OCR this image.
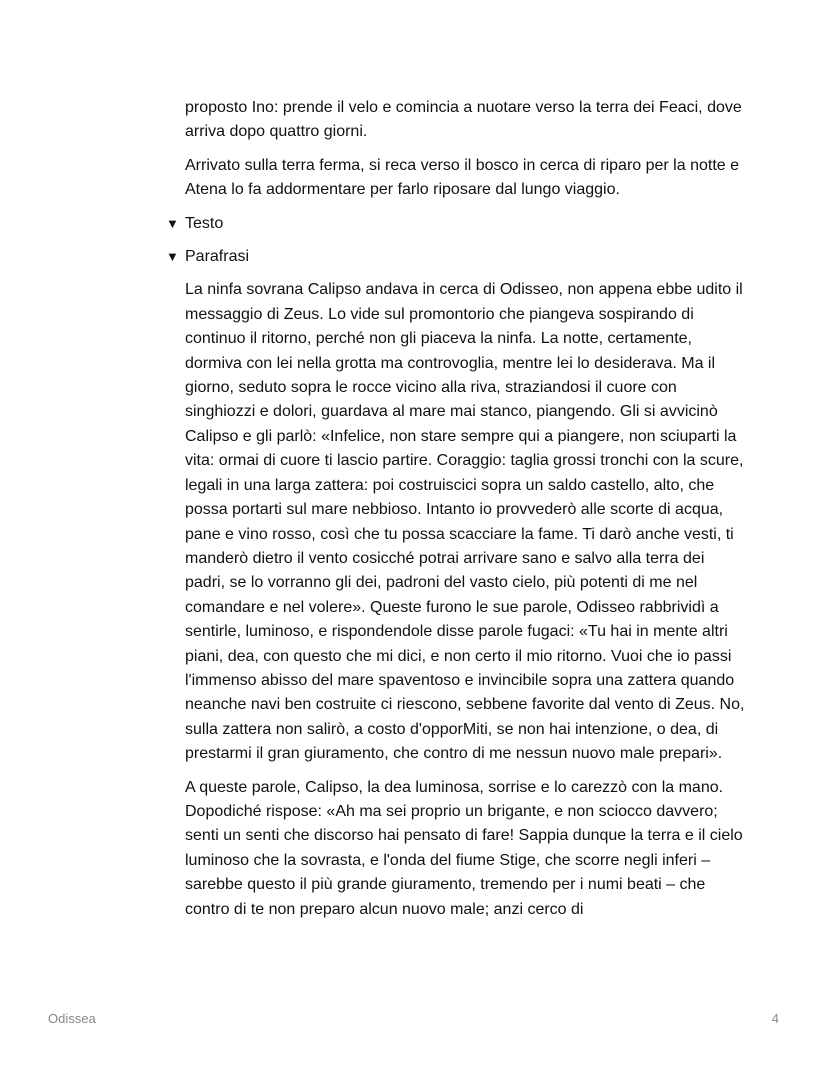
proposto Ino: prende il velo e comincia a nuotare verso la terra dei Feaci, dove arriva dopo quattro giorni.

Arrivato sulla terra ferma, si reca verso il bosco in cerca di riparo per la notte e Atena lo fa addormentare per farlo riposare dal lungo viaggio.

▼ Testo
▼ Parafrasi

La ninfa sovrana Calipso andava in cerca di Odisseo, non appena ebbe udito il messaggio di Zeus. Lo vide sul promontorio che piangeva sospirando di continuo il ritorno, perché non gli piaceva la ninfa. La notte, certamente, dormiva con lei nella grotta ma controvoglia, mentre lei lo desiderava. Ma il giorno, seduto sopra le rocce vicino alla riva, straziandosi il cuore con singhiozzi e dolori, guardava al mare mai stanco, piangendo. Gli si avvicinò Calipso e gli parlò: «Infelice, non stare sempre qui a piangere, non sciuparti la vita: ormai di cuore ti lascio partire. Coraggio: taglia grossi tronchi con la scure, legali in una larga zattera: poi costruiscici sopra un saldo castello, alto, che possa portarti sul mare nebbioso. Intanto io provvederò alle scorte di acqua, pane e vino rosso, così che tu possa scacciare la fame. Ti darò anche vesti, ti manderò dietro il vento cosicché potrai arrivare sano e salvo alla terra dei padri, se lo vorranno gli dei, padroni del vasto cielo, più potenti di me nel comandare e nel volere». Queste furono le sue parole, Odisseo rabbrividì a sentirle, luminoso, e rispondendole disse parole fugaci: «Tu hai in mente altri piani, dea, con questo che mi dici, e non certo il mio ritorno. Vuoi che io passi l'immenso abisso del mare spaventoso e invincibile sopra una zattera quando neanche navi ben costruite ci riescono, sebbene favorite dal vento di Zeus. No, sulla zattera non salirò, a costo d'opporMiti, se non hai intenzione, o dea, di prestarmi il gran giuramento, che contro di me nessun nuovo male prepari».

A queste parole, Calipso, la dea luminosa, sorrise e lo carezzò con la mano. Dopodiché rispose: «Ah ma sei proprio un brigante, e non sciocco davvero; senti un senti che discorso hai pensato di fare! Sappia dunque la terra e il cielo luminoso che la sovrasta, e l'onda del fiume Stige, che scorre negli inferi – sarebbe questo il più grande giuramento, tremendo per i numi beati – che contro di te non preparo alcun nuovo male; anzi cerco di

Odissea	4
